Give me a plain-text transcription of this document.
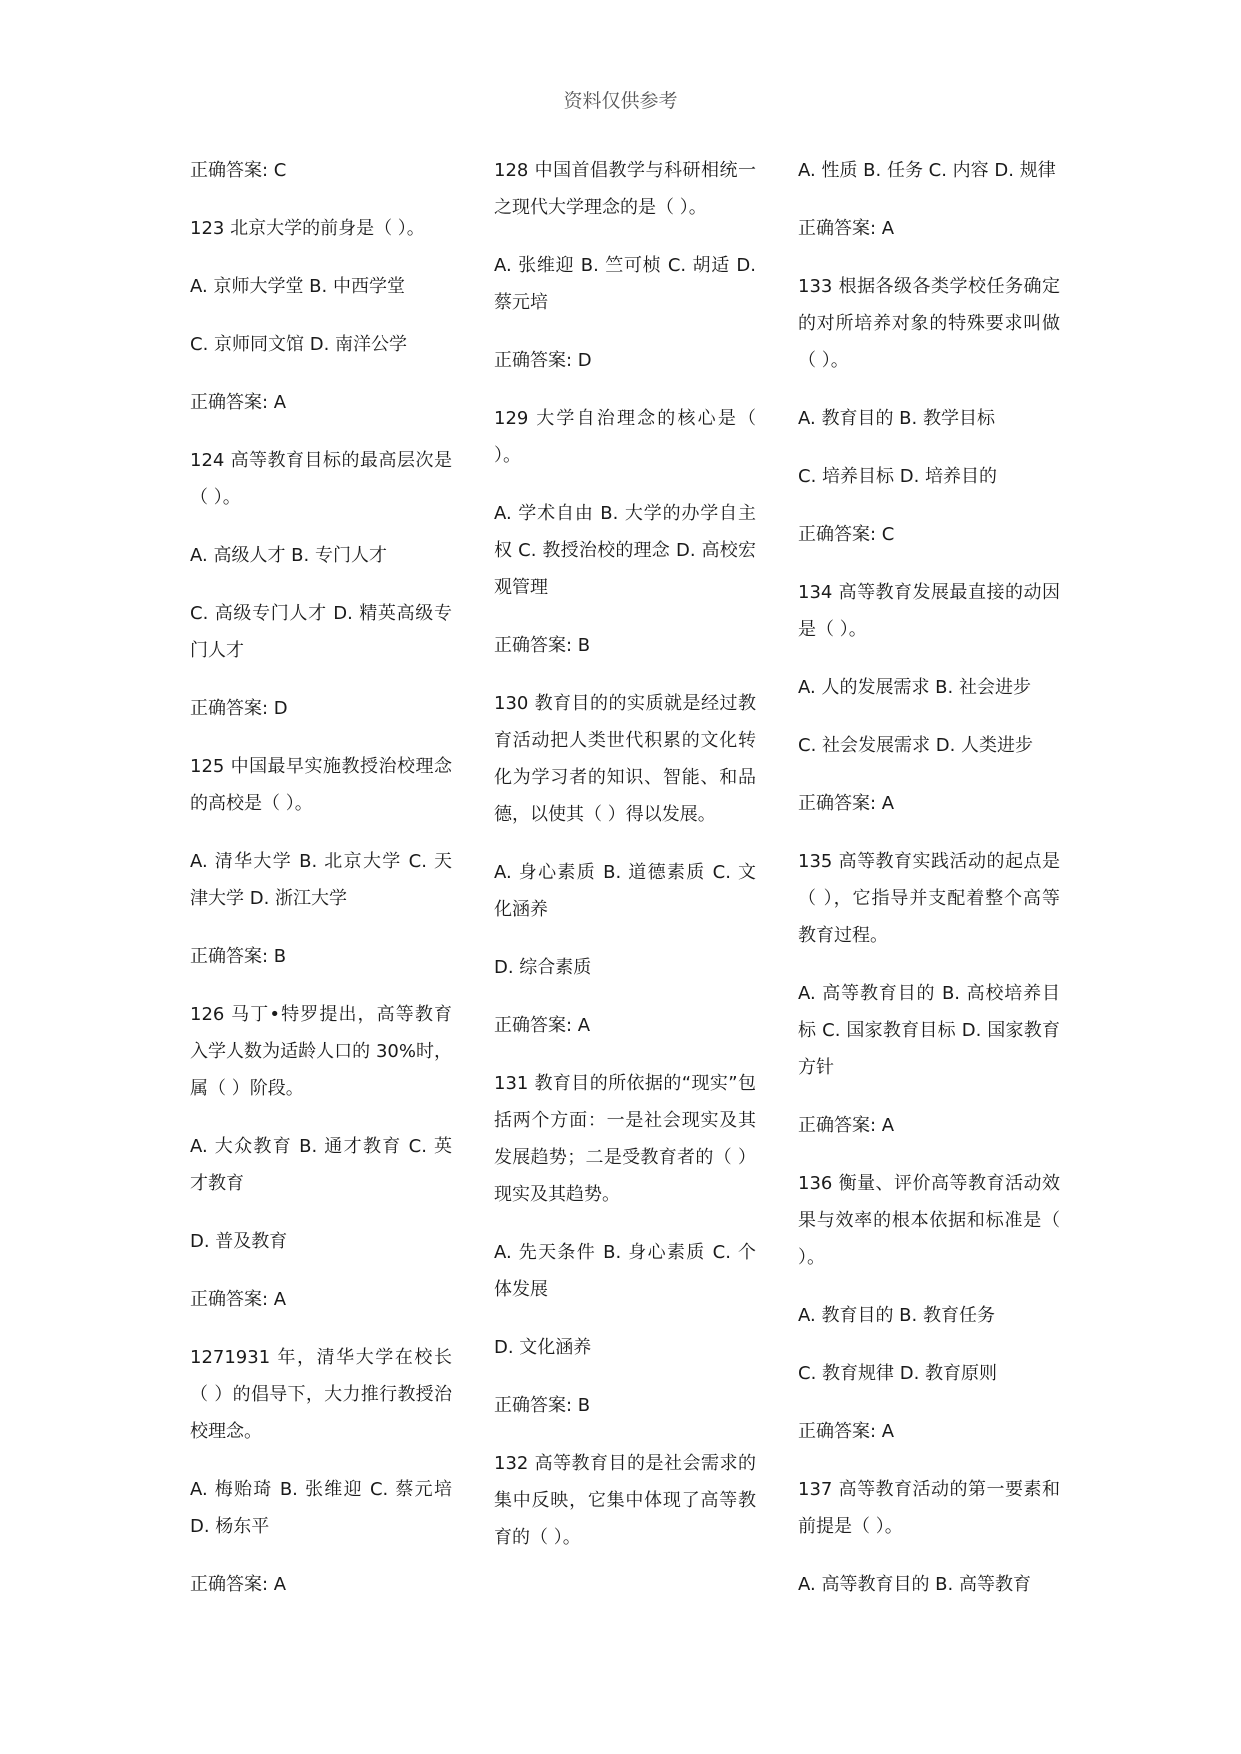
资料仅供参考

正确答案: C

123 北京大学的前身是（ ）。

A. 京师大学堂 B. 中西学堂

C. 京师同文馆 D. 南洋公学

正确答案: A

124 高等教育目标的最高层次是（ ）。

A. 高级人才 B. 专门人才

C. 高级专门人才 D. 精英高级专门人才

正确答案: D

125 中国最早实施教授治校理念的高校是（ ）。

A. 清华大学 B. 北京大学 C. 天津大学 D. 浙江大学

正确答案: B

126 马丁•特罗提出，高等教育入学人数为适龄人口的 30%时，属（ ）阶段。

A. 大众教育 B. 通才教育 C. 英才教育

D. 普及教育

正确答案: A

1271931 年，清华大学在校长（ ）的倡导下，大力推行教授治校理念。

A. 梅贻琦 B. 张维迎 C. 蔡元培 D. 杨东平

正确答案: A

128 中国首倡教学与科研相统一之现代大学理念的是（ ）。

A. 张维迎 B. 竺可桢 C. 胡适 D. 蔡元培

正确答案: D

129 大学自治理念的核心是（ ）。

A. 学术自由 B. 大学的办学自主权 C. 教授治校的理念 D. 高校宏观管理

正确答案: B

130 教育目的的实质就是经过教育活动把人类世代积累的文化转化为学习者的知识、智能、和品德，以使其（ ）得以发展。

A. 身心素质 B. 道德素质 C. 文化涵养

D. 综合素质

正确答案: A

131 教育目的所依据的“现实”包括两个方面：一是社会现实及其发展趋势；二是受教育者的（ ）现实及其趋势。

A. 先天条件 B. 身心素质 C. 个体发展

D. 文化涵养

正确答案: B

132 高等教育目的是社会需求的集中反映，它集中体现了高等教育的（ ）。

A. 性质 B. 任务 C. 内容 D. 规律

正确答案: A

133 根据各级各类学校任务确定的对所培养对象的特殊要求叫做（ ）。

A. 教育目的 B. 教学目标

C. 培养目标 D. 培养目的

正确答案: C

134 高等教育发展最直接的动因是（ ）。

A. 人的发展需求 B. 社会进步

C. 社会发展需求 D. 人类进步

正确答案: A

135 高等教育实践活动的起点是（ ），它指导并支配着整个高等教育过程。

A. 高等教育目的 B. 高校培养目标 C. 国家教育目标 D. 国家教育方针

正确答案: A

136 衡量、评价高等教育活动效果与效率的根本依据和标准是（ ）。

A. 教育目的 B. 教育任务

C. 教育规律 D. 教育原则

正确答案: A

137 高等教育活动的第一要素和前提是（ ）。

A. 高等教育目的 B. 高等教育
